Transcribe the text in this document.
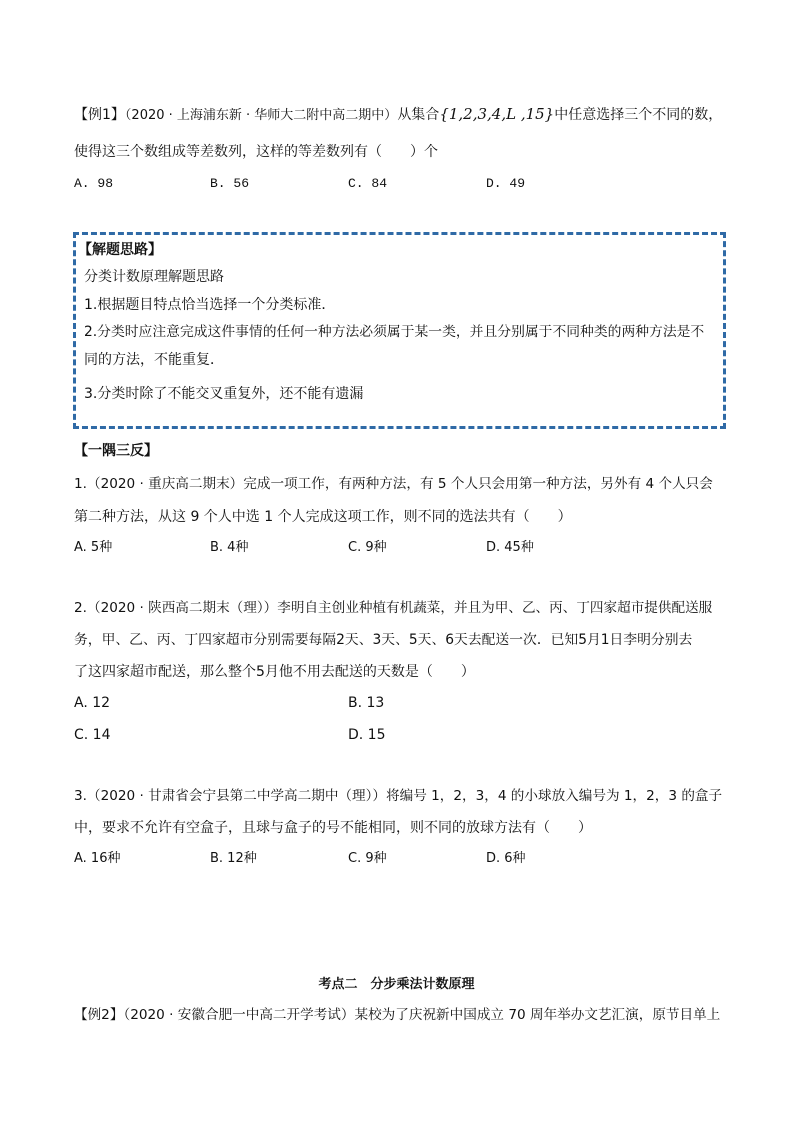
【例1】（2020 · 上海浦东新 · 华师大二附中高二期中）从集合{1,2,3,4,L ,15}中任意选择三个不同的数，
使得这三个数组成等差数列，这样的等差数列有（　　）个
A. 98	B. 56	C. 84	D. 49
【解题思路】
分类计数原理解题思路
1.根据题目特点恰当选择一个分类标准．
2.分类时应注意完成这件事情的任何一种方法必须属于某一类，并且分别属于不同种类的两种方法是不
同的方法，不能重复．
3.分类时除了不能交叉重复外，还不能有遗漏
【一隅三反】
1.（2020 · 重庆高二期末）完成一项工作，有两种方法，有 5 个人只会用第一种方法，另外有 4 个人只会
第二种方法，从这 9 个人中选 1 个人完成这项工作，则不同的选法共有（　　）
A. 5种	B. 4种	C. 9种	D. 45种
2.（2020 · 陕西高二期末（理））李明自主创业种植有机蔬菜，并且为甲、乙、丙、丁四家超市提供配送服
务，甲、乙、丙、丁四家超市分别需要每隔2天、3天、5天、6天去配送一次．已知5月1日李明分别去
了这四家超市配送，那么整个5月他不用去配送的天数是（　　）
A. 12	B. 13
C. 14	D. 15
3.（2020 · 甘肃省会宁县第二中学高二期中（理））将编号 1，2，3，4 的小球放入编号为 1，2，3 的盒子
中，要求不允许有空盒子，且球与盒子的号不能相同，则不同的放球方法有（　　）
A. 16种	B. 12种	C. 9种	D. 6种
考点二　分步乘法计数原理
【例2】（2020 · 安徽合肥一中高二开学考试）某校为了庆祝新中国成立 70 周年举办文艺汇演，原节目单上
